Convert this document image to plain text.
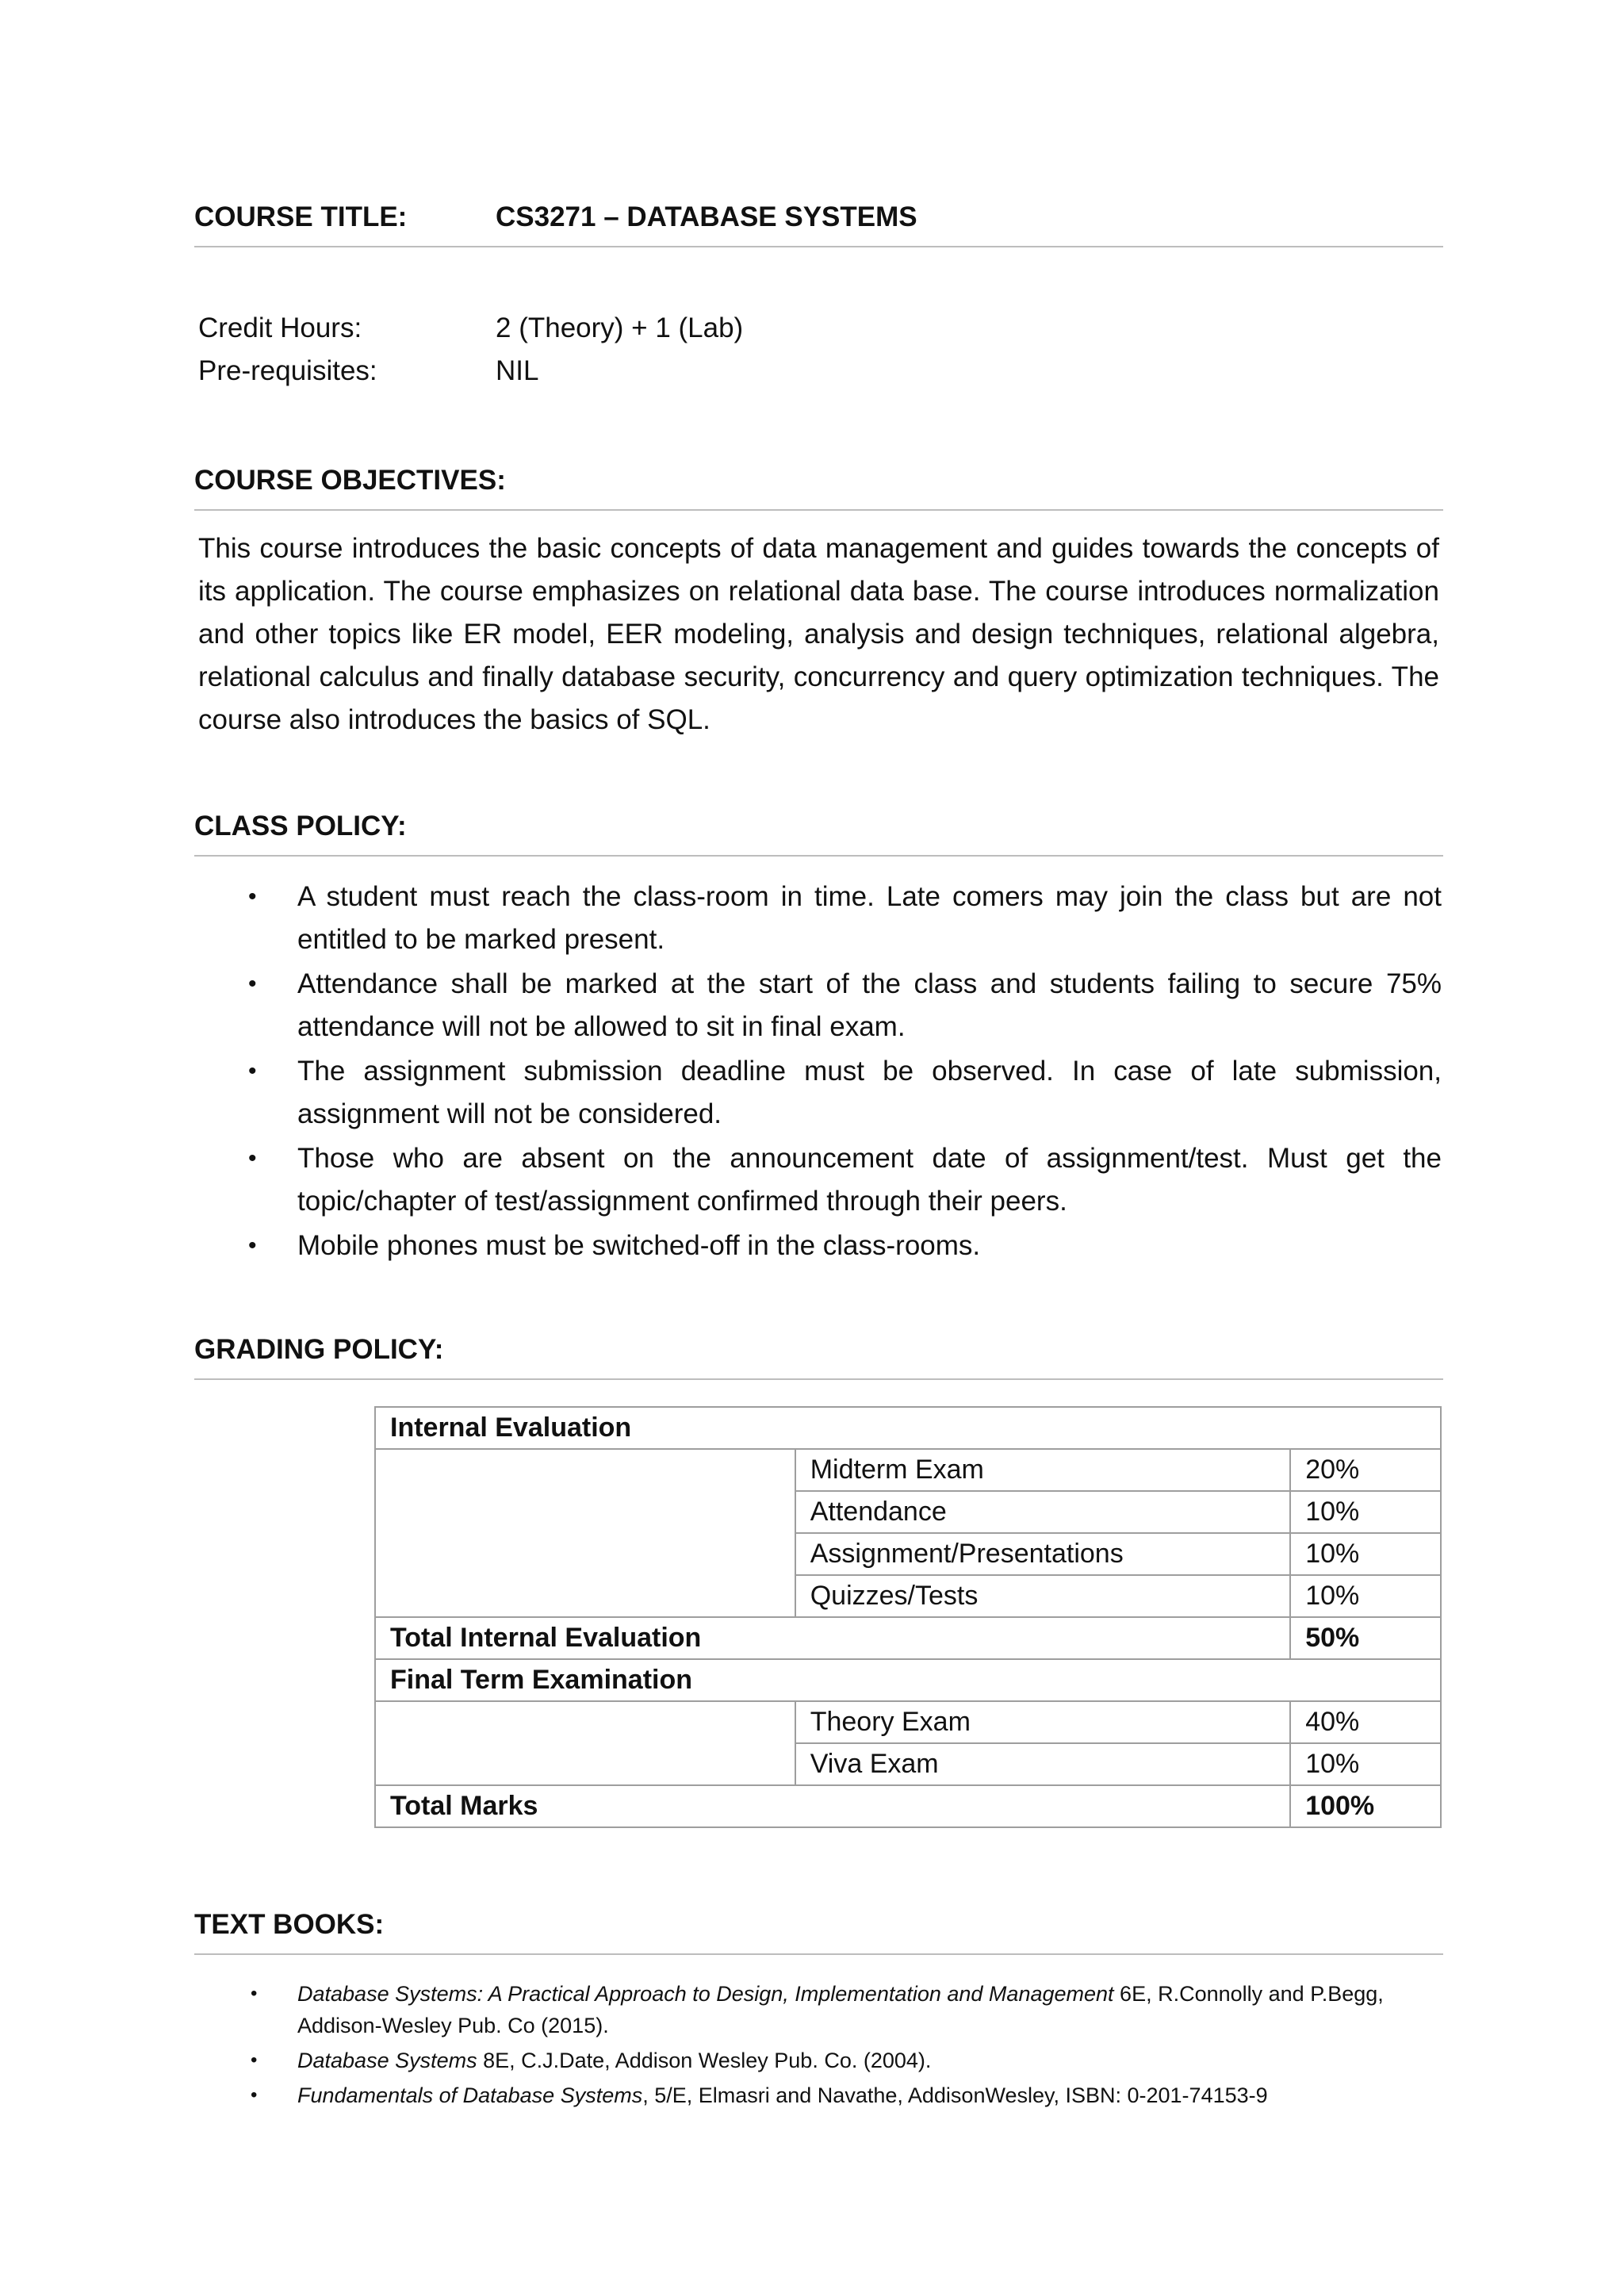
COURSE TITLE:	CS3271 – DATABASE SYSTEMS
Credit Hours:	2 (Theory) + 1 (Lab)
Pre-requisites:	NIL
COURSE OBJECTIVES:

This course introduces the basic concepts of data management and guides towards the concepts of its application. The course emphasizes on relational data base. The course introduces normalization and other topics like ER model, EER modeling, analysis and design techniques, relational algebra, relational calculus and finally database security, concurrency and query optimization techniques. The course also introduces the basics of SQL.

CLASS POLICY:
• A student must reach the class-room in time. Late comers may join the class but are not entitled to be marked present.
• Attendance shall be marked at the start of the class and students failing to secure 75% attendance will not be allowed to sit in final exam.
• The assignment submission deadline must be observed. In case of late submission, assignment will not be considered.
• Those who are absent on the announcement date of assignment/test. Must get the topic/chapter of test/assignment confirmed through their peers.
• Mobile phones must be switched-off in the class-rooms.
GRADING POLICY:
Internal Evaluation		
	Midterm Exam	20%
	Attendance	10%
	Assignment/Presentations	10%
	Quizzes/Tests	10%
Total Internal Evaluation		50%
Final Term Examination		
	Theory Exam	40%
	Viva Exam	10%
Total Marks		100%
TEXT BOOKS:
• Database Systems: A Practical Approach to Design, Implementation and Management 6E, R.Connolly and P.Begg, Addison-Wesley Pub. Co (2015).
• Database Systems 8E, C.J.Date, Addison Wesley Pub. Co. (2004).
• Fundamentals of Database Systems, 5/E, Elmasri and Navathe, AddisonWesley, ISBN: 0-201-74153-9
